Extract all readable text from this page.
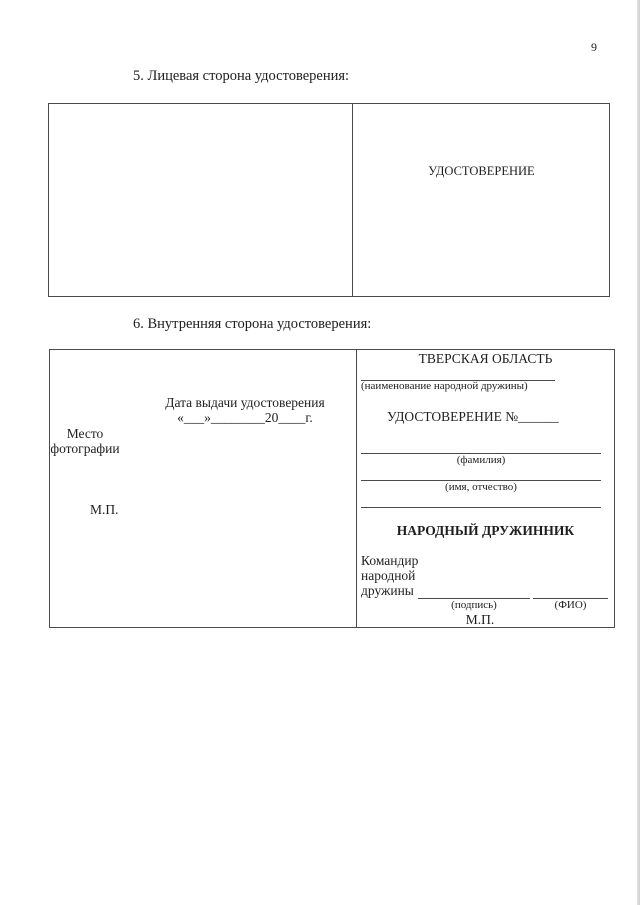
9
5. Лицевая сторона удостоверения:
УДОСТОВЕРЕНИЕ
6. Внутренняя сторона удостоверения:
Дата выдачи удостоверения
«___»________20____г.
Место
фотографии
М.П.
ТВЕРСКАЯ ОБЛАСТЬ
(наименование народной дружины)
УДОСТОВЕРЕНИЕ №______
(фамилия)
(имя, отчество)
НАРОДНЫЙ ДРУЖИННИК
Командир
народной
дружины
(подпись)	(ФИО)
М.П.
